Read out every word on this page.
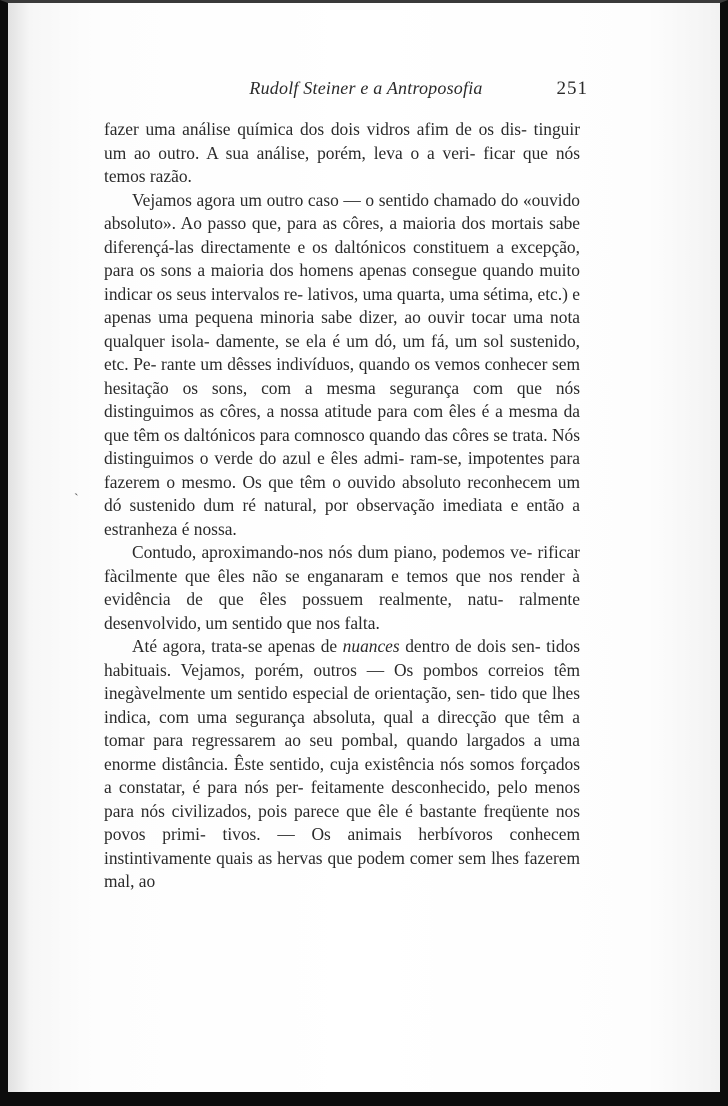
Rudolf Steiner e a Antroposofia	251
`

fazer uma análise química dos dois vidros afim de os dis- tinguir um ao outro. A sua análise, porém, leva o a veri- ficar que nós temos razão.

Vejamos agora um outro caso — o sentido chamado do «ouvido absoluto». Ao passo que, para as côres, a maioria dos mortais sabe diferençá-las directamente e os daltónicos constituem a excepção, para os sons a maioria dos homens apenas consegue quando muito indicar os seus intervalos re- lativos, uma quarta, uma sétima, etc.) e apenas uma pequena minoria sabe dizer, ao ouvir tocar uma nota qualquer isola- damente, se ela é um dó, um fá, um sol sustenido, etc. Pe- rante um dêsses indivíduos, quando os vemos conhecer sem hesitação os sons, com a mesma segurança com que nós distinguimos as côres, a nossa atitude para com êles é a mesma da que têm os daltónicos para comnosco quando das côres se trata. Nós distinguimos o verde do azul e êles admi- ram-se, impotentes para fazerem o mesmo. Os que têm o ouvido absoluto reconhecem um dó sustenido dum ré natural, por observação imediata e então a estranheza é nossa.

Contudo, aproximando-nos nós dum piano, podemos ve- rificar fàcilmente que êles não se enganaram e temos que nos render à evidência de que êles possuem realmente, natu- ralmente desenvolvido, um sentido que nos falta.

Até agora, trata-se apenas de nuances dentro de dois sen- tidos habituais. Vejamos, porém, outros — Os pombos correios têm inegàvelmente um sentido especial de orientação, sen- tido que lhes indica, com uma segurança absoluta, qual a direcção que têm a tomar para regressarem ao seu pombal, quando largados a uma enorme distância. Êste sentido, cuja existência nós somos forçados a constatar, é para nós per- feitamente desconhecido, pelo menos para nós civilizados, pois parece que êle é bastante freqüente nos povos primi- tivos. — Os animais herbívoros conhecem instintivamente quais as hervas que podem comer sem lhes fazerem mal, ao
